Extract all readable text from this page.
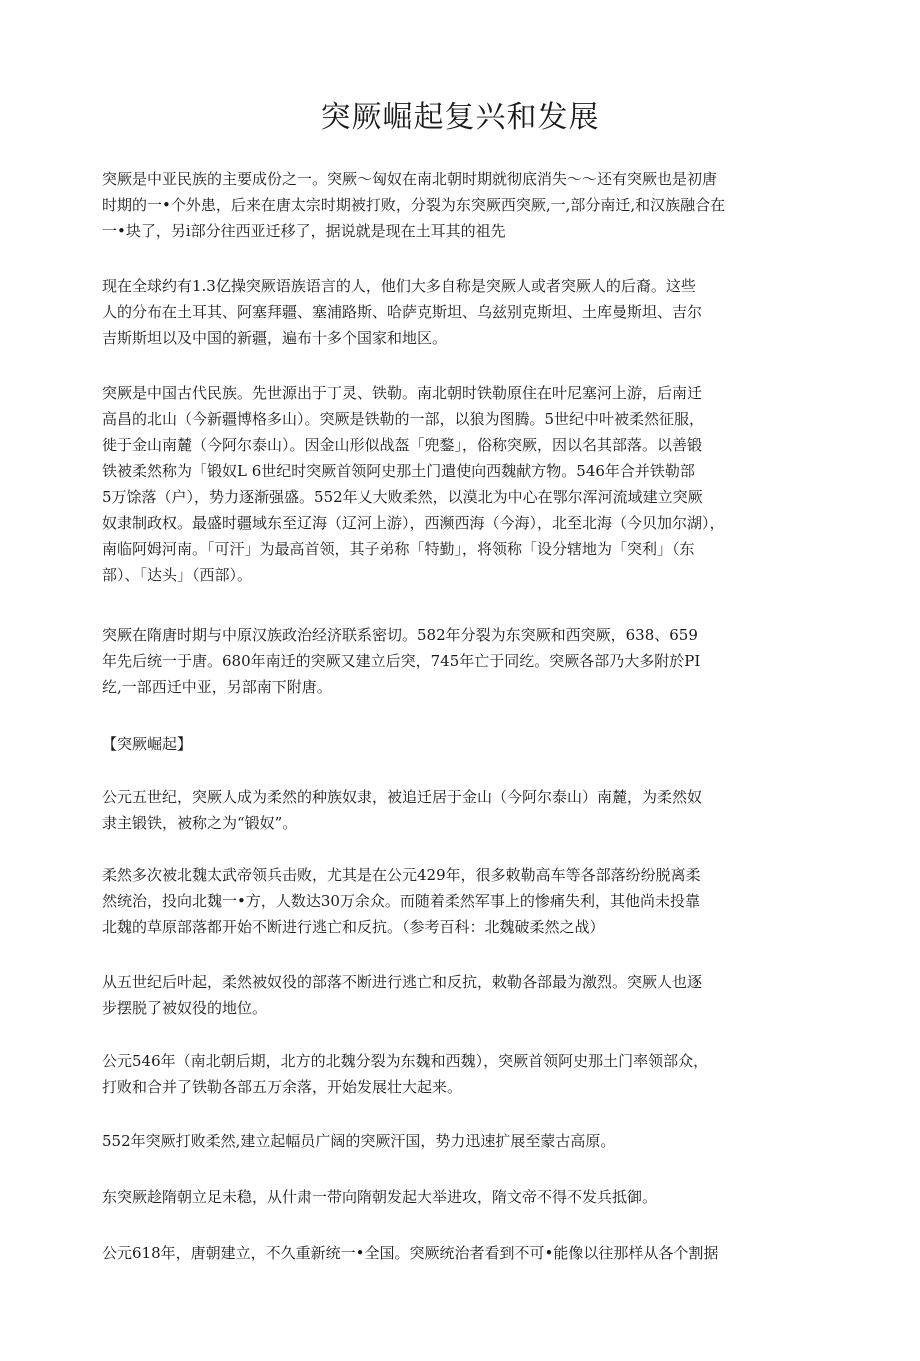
突厥崛起复兴和发展
突厥是中亚民族的主要成份之一。突厥～匈奴在南北朝时期就彻底消失～～还有突厥也是初唐
时期的一•个外患，后来在唐太宗时期被打败，分裂为东突厥西突厥,一,部分南迁,和汉族融合在
一•块了，另i部分往西亚迁移了，据说就是现在土耳其的祖先
现在全球约有1.3亿操突厥语族语言的人，他们大多自称是突厥人或者突厥人的后裔。这些
人的分布在土耳其、阿塞拜疆、塞浦路斯、哈萨克斯坦、乌兹别克斯坦、土库曼斯坦、吉尔
吉斯斯坦以及中国的新疆，遍布十多个国家和地区。
突厥是中国古代民族。先世源出于丁灵、铁勒。南北朝时铁勒原住在叶尼塞河上游，后南迁
高昌的北山（今新疆博格多山）。突厥是铁勒的一部，以狼为图腾。5世纪中叶被柔然征服，
徙于金山南麓（今阿尔泰山）。因金山形似战盔「兜鍪」，俗称突厥，因以名其部落。以善锻
铁被柔然称为「锻奴L 6世纪时突厥首领阿史那土门遣使向西魏献方物。546年合并铁勒部
5万馀落（户），势力逐渐强盛。552年乂大败柔然，以漠北为中心在鄂尔浑河流域建立突厥
奴隶制政权。最盛时疆域东至辽海（辽河上游），西濒西海（今海），北至北海（今贝加尔湖），
南临阿姆河南。「可汗」为最高首领，其子弟称「特勤」，将领称「设分辖地为「突利」（东
部）、「达头」（西部）。
突厥在隋唐时期与中原汉族政治经济联系密切。582年分裂为东突厥和西突厥，638、659
年先后统一于唐。680年南迁的突厥又建立后突，745年亡于同纥。突厥各部乃大多附於PI
纥,一部西迁中亚，另部南下附唐。
【突厥崛起】
公元五世纪，突厥人成为柔然的种族奴隶，被追迁居于金山（今阿尔泰山）南麓，为柔然奴
隶主锻铁，被称之为“锻奴”。
柔然多次被北魏太武帝领兵击败，尤其是在公元429年，很多敕勒高车等各部落纷纷脱离柔
然统治，投向北魏一•方，人数达30万余众。而随着柔然军事上的惨痛失利，其他尚未投靠
北魏的草原部落都开始不断进行逃亡和反抗。（参考百科：北魏破柔然之战）
从五世纪后叶起，柔然被奴役的部落不断进行逃亡和反抗，敕勒各部最为激烈。突厥人也逐
步摆脱了被奴役的地位。
公元546年（南北朝后期，北方的北魏分裂为东魏和西魏），突厥首领阿史那土门率领部众，
打败和合并了铁勒各部五万余落，开始发展壮大起来。
552年突厥打败柔然,建立起幅员广阔的突厥汗国，势力迅速扩展至蒙古高原。
东突厥趁隋朝立足未稳，从什肃一带向隋朝发起大举进攻，隋文帝不得不发兵抵御。
公元618年，唐朝建立，不久重新统一•全国。突厥统治者看到不可•能像以往那样从各个割据
